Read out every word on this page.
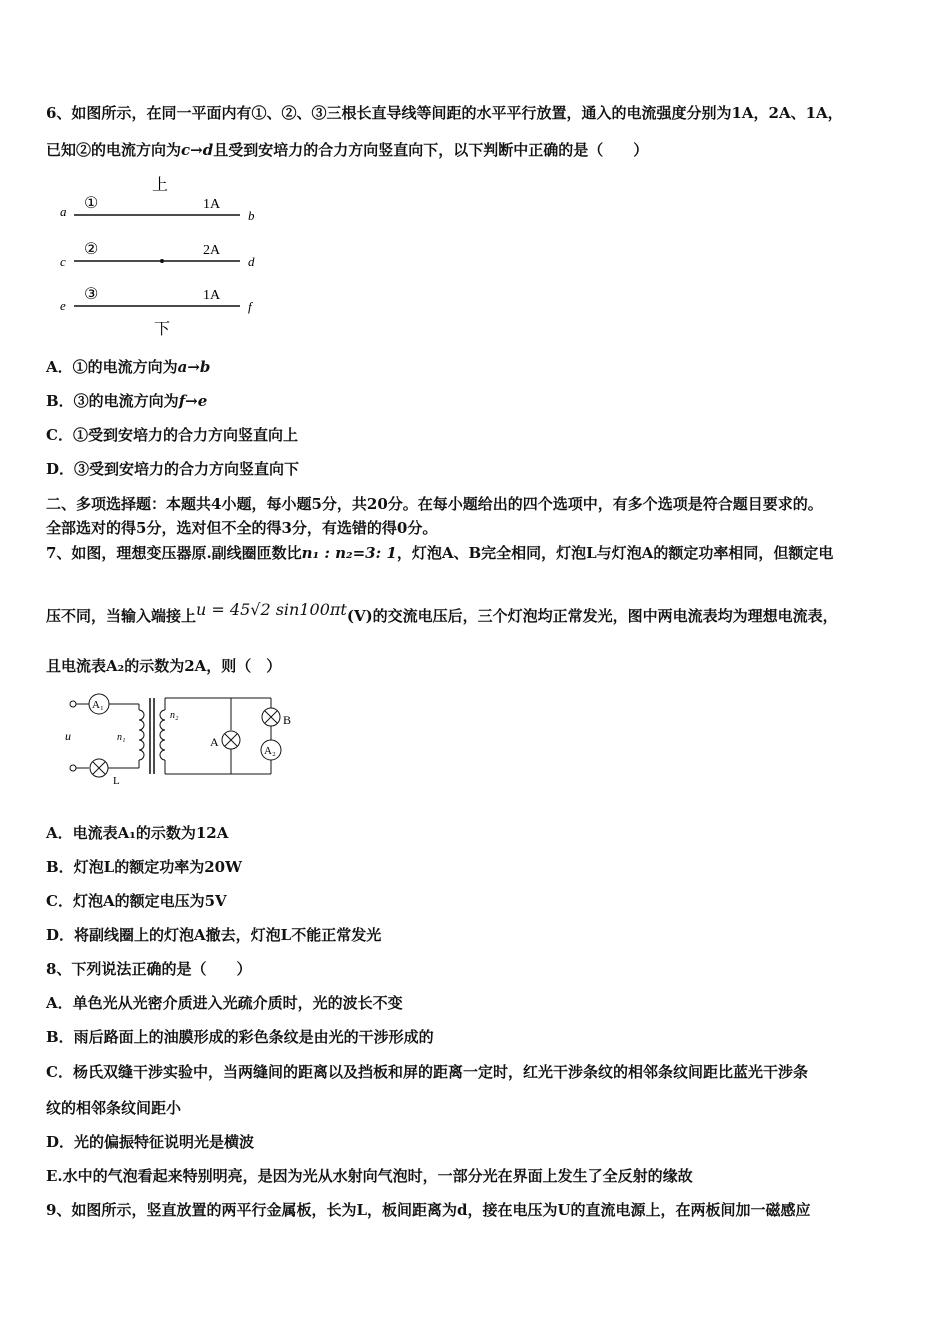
6、如图所示，在同一平面内有①、②、③三根长直导线等间距的水平平行放置，通入的电流强度分别为1A，2A、1A，
已知②的电流方向为c→d且受到安培力的合力方向竖直向下，以下判断中正确的是（　　）
上
a ①	1A
b
c
②	2A
d
e
③	1A
f
下
A．①的电流方向为a→b
B．③的电流方向为f→e
C．①受到安培力的合力方向竖直向上
D．③受到安培力的合力方向竖直向下
二、多项选择题：本题共4小题，每小题5分，共20分。在每小题给出的四个选项中，有多个选项是符合题目要求的。
全部选对的得5分，选对但不全的得3分，有选错的得0分。
7、如图，理想变压器原.副线圈匝数比n₁ : n₂=3: 1，灯泡A、B完全相同，灯泡L与灯泡A的额定功率相同，但额定电
压不同，当输入端接上u = 45√2 sin100πt(V)的交流电压后，三个灯泡均正常发光，图中两电流表均为理想电流表，
且电流表A₂的示数为2A，则（　）
u
A₁
L
n₁
n₂
A
B
A₂
A．电流表A₁的示数为12A
B．灯泡L的额定功率为20W
C．灯泡A的额定电压为5V
D．将副线圈上的灯泡A撤去，灯泡L不能正常发光
8、下列说法正确的是（　　）
A．单色光从光密介质进入光疏介质时，光的波长不变
B．雨后路面上的油膜形成的彩色条纹是由光的干涉形成的
C．杨氏双缝干涉实验中，当两缝间的距离以及挡板和屏的距离一定时，红光干涉条纹的相邻条纹间距比蓝光干涉条
纹的相邻条纹间距小
D．光的偏振特征说明光是横波
E.水中的气泡看起来特别明亮，是因为光从水射向气泡时，一部分光在界面上发生了全反射的缘故
9、如图所示，竖直放置的两平行金属板，长为L，板间距离为d，接在电压为U的直流电源上，在两板间加一磁感应
